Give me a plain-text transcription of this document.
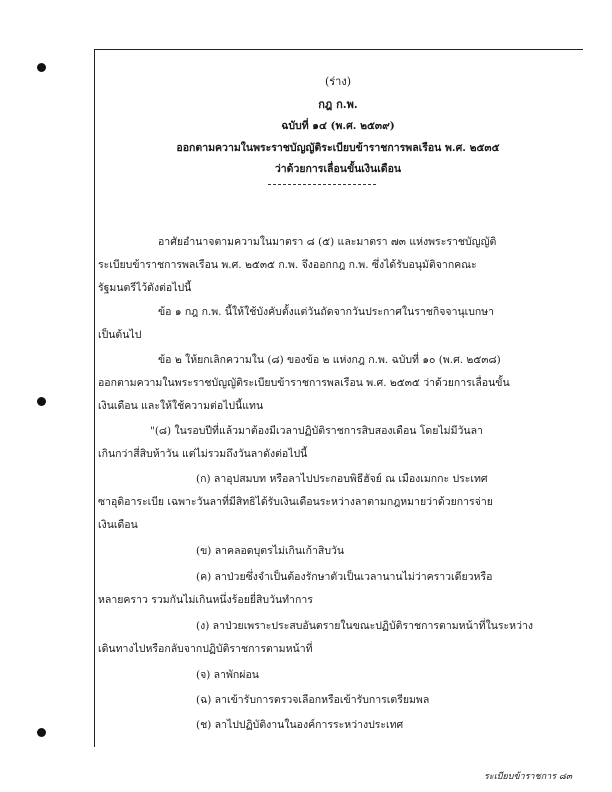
(ร่าง)
กฎ ก.พ.
ฉบับที่ ๑๔ (พ.ศ. ๒๕๓๙)
ออกตามความในพระราชบัญญัติระเบียบข้าราชการพลเรือน พ.ศ. ๒๕๓๕
ว่าด้วยการเลื่อนขั้นเงินเดือน
อาศัยอำนาจตามความในมาตรา ๘ (๕) และมาตรา ๗๓ แห่งพระราชบัญญัติ
ระเบียบข้าราชการพลเรือน พ.ศ. ๒๕๓๕ ก.พ. จึงออกกฎ ก.พ. ซึ่งได้รับอนุมัติจากคณะ
รัฐมนตรีไว้ดังต่อไปนี้
ข้อ ๑ กฎ ก.พ. นี้ให้ใช้บังคับตั้งแต่วันถัดจากวันประกาศในราชกิจจานุเบกษา
เป็นต้นไป
ข้อ ๒ ให้ยกเลิกความใน (๘) ของข้อ ๒ แห่งกฎ ก.พ. ฉบับที่ ๑๐ (พ.ศ. ๒๕๓๘)
ออกตามความในพระราชบัญญัติระเบียบข้าราชการพลเรือน พ.ศ. ๒๕๓๕ ว่าด้วยการเลื่อนขั้น
เงินเดือน และให้ใช้ความต่อไปนี้แทน
"(๘) ในรอบปีที่แล้วมาต้องมีเวลาปฏิบัติราชการสิบสองเดือน โดยไม่มีวันลา
เกินกว่าสี่สิบห้าวัน แต่ไม่รวมถึงวันลาดังต่อไปนี้
(ก) ลาอุปสมบท หรือลาไปประกอบพิธีฮัจย์ ณ เมืองเมกกะ ประเทศ
ซาอุดิอาระเบีย เฉพาะวันลาที่มีสิทธิได้รับเงินเดือนระหว่างลาตามกฎหมายว่าด้วยการจ่าย
เงินเดือน
(ข) ลาคลอดบุตรไม่เกินเก้าสิบวัน
(ค) ลาป่วยซึ่งจำเป็นต้องรักษาตัวเป็นเวลานานไม่ว่าคราวเดียวหรือ
หลายคราว รวมกันไม่เกินหนึ่งร้อยยี่สิบวันทำการ
(ง) ลาป่วยเพราะประสบอันตรายในขณะปฏิบัติราชการตามหน้าที่ในระหว่าง
เดินทางไปหรือกลับจากปฏิบัติราชการตามหน้าที่
(จ) ลาพักผ่อน
(ฉ) ลาเข้ารับการตรวจเลือกหรือเข้ารับการเตรียมพล
(ช) ลาไปปฏิบัติงานในองค์การระหว่างประเทศ
ระเบียบข้าราชการ ๘๓
